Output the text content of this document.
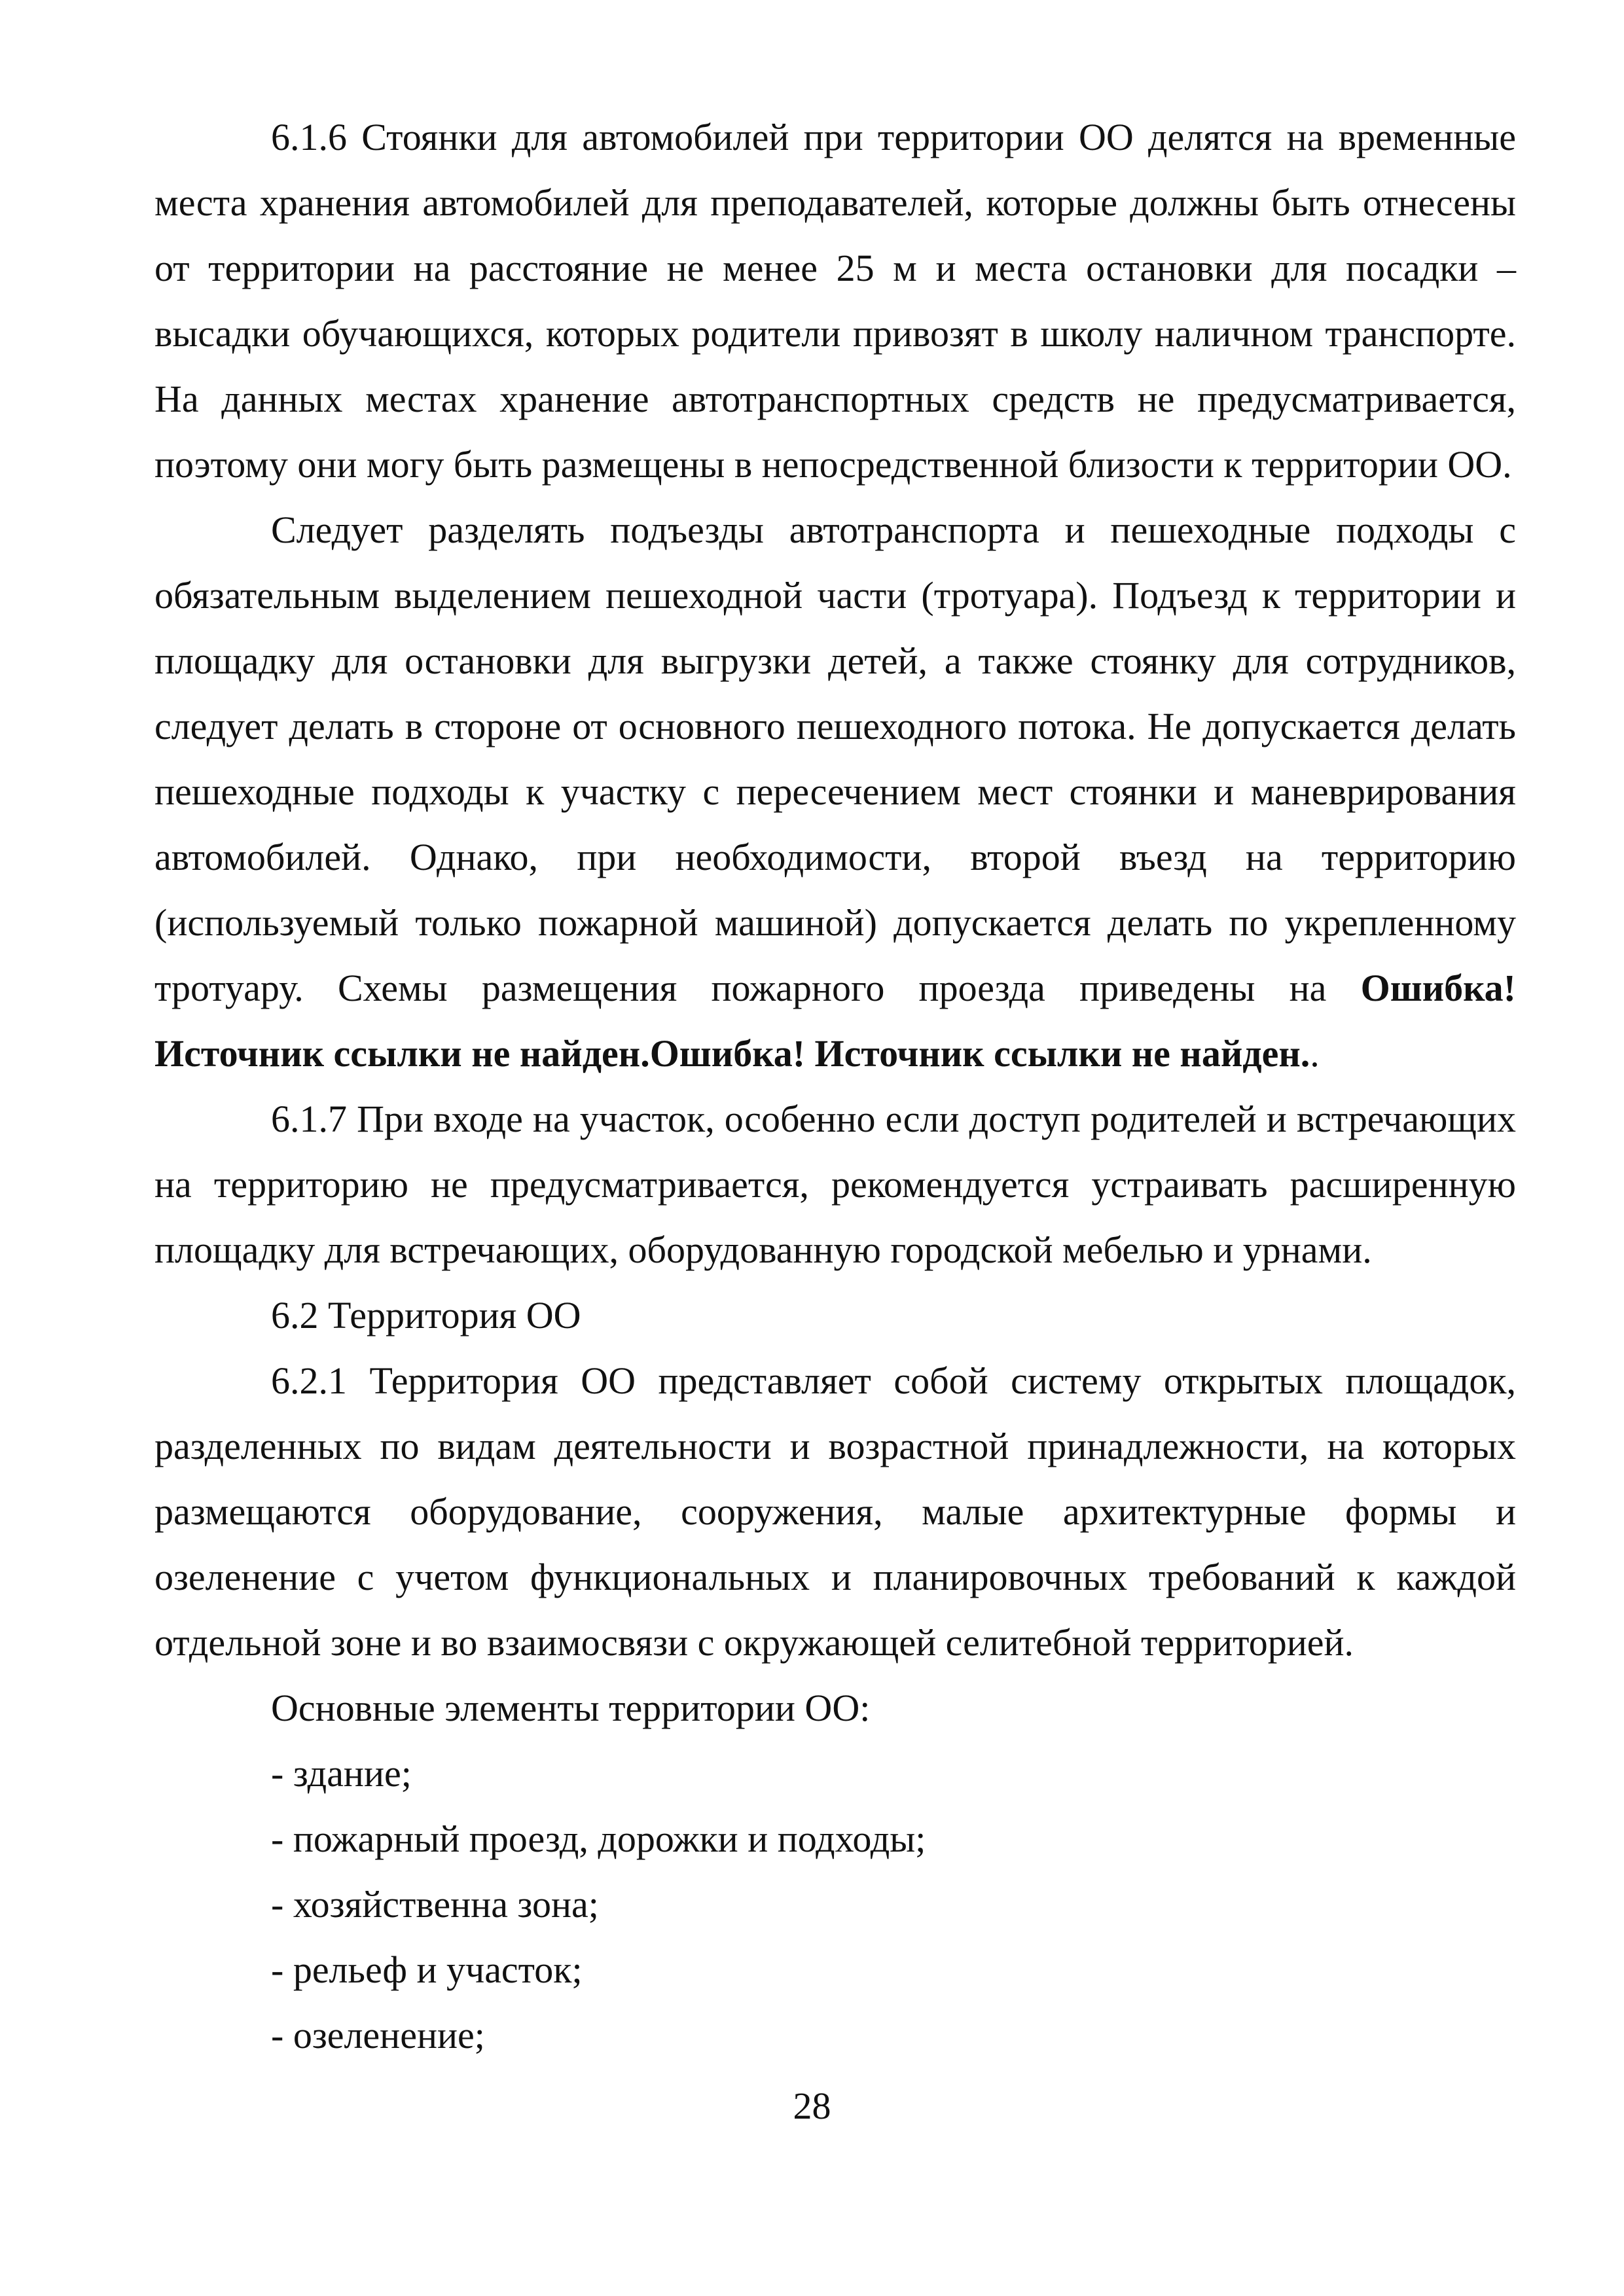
6.1.6 Стоянки для автомобилей при территории ОО делятся на временные места хранения автомобилей для преподавателей, которые должны быть отнесены от территории на расстояние не менее 25 м и места остановки для посадки – высадки обучающихся, которых родители привозят в школу наличном транспорте. На данных местах хранение автотранспортных средств не предусматривается, поэтому они могу быть размещены в непосредственной близости к территории ОО.

Следует разделять подъезды автотранспорта и пешеходные подходы с обязательным выделением пешеходной части (тротуара). Подъезд к территории и площадку для остановки для выгрузки детей, а также стоянку для сотрудников, следует делать в стороне от основного пешеходного потока. Не допускается делать пешеходные подходы к участку с пересечением мест стоянки и маневрирования автомобилей. Однако, при необходимости, второй въезд на территорию (используемый только пожарной машиной) допускается делать по укрепленному тротуару. Схемы размещения пожарного проезда приведены на Ошибка! Источник ссылки не найден.Ошибка! Источник ссылки не найден..

6.1.7 При входе на участок, особенно если доступ родителей и встречающих на территорию не предусматривается, рекомендуется устраивать расширенную площадку для встречающих, оборудованную городской мебелью и урнами.

6.2 Территория ОО

6.2.1 Территория ОО представляет собой систему открытых площадок, разделенных по видам деятельности и возрастной принадлежности, на которых размещаются оборудование, сооружения, малые архитектурные формы и озеленение с учетом функциональных и планировочных требований к каждой отдельной зоне и во взаимосвязи с окружающей селитебной территорией.

Основные элементы территории ОО:

- здание;

- пожарный проезд, дорожки и подходы;

- хозяйственна зона;

- рельеф и участок;

- озеленение;

28
